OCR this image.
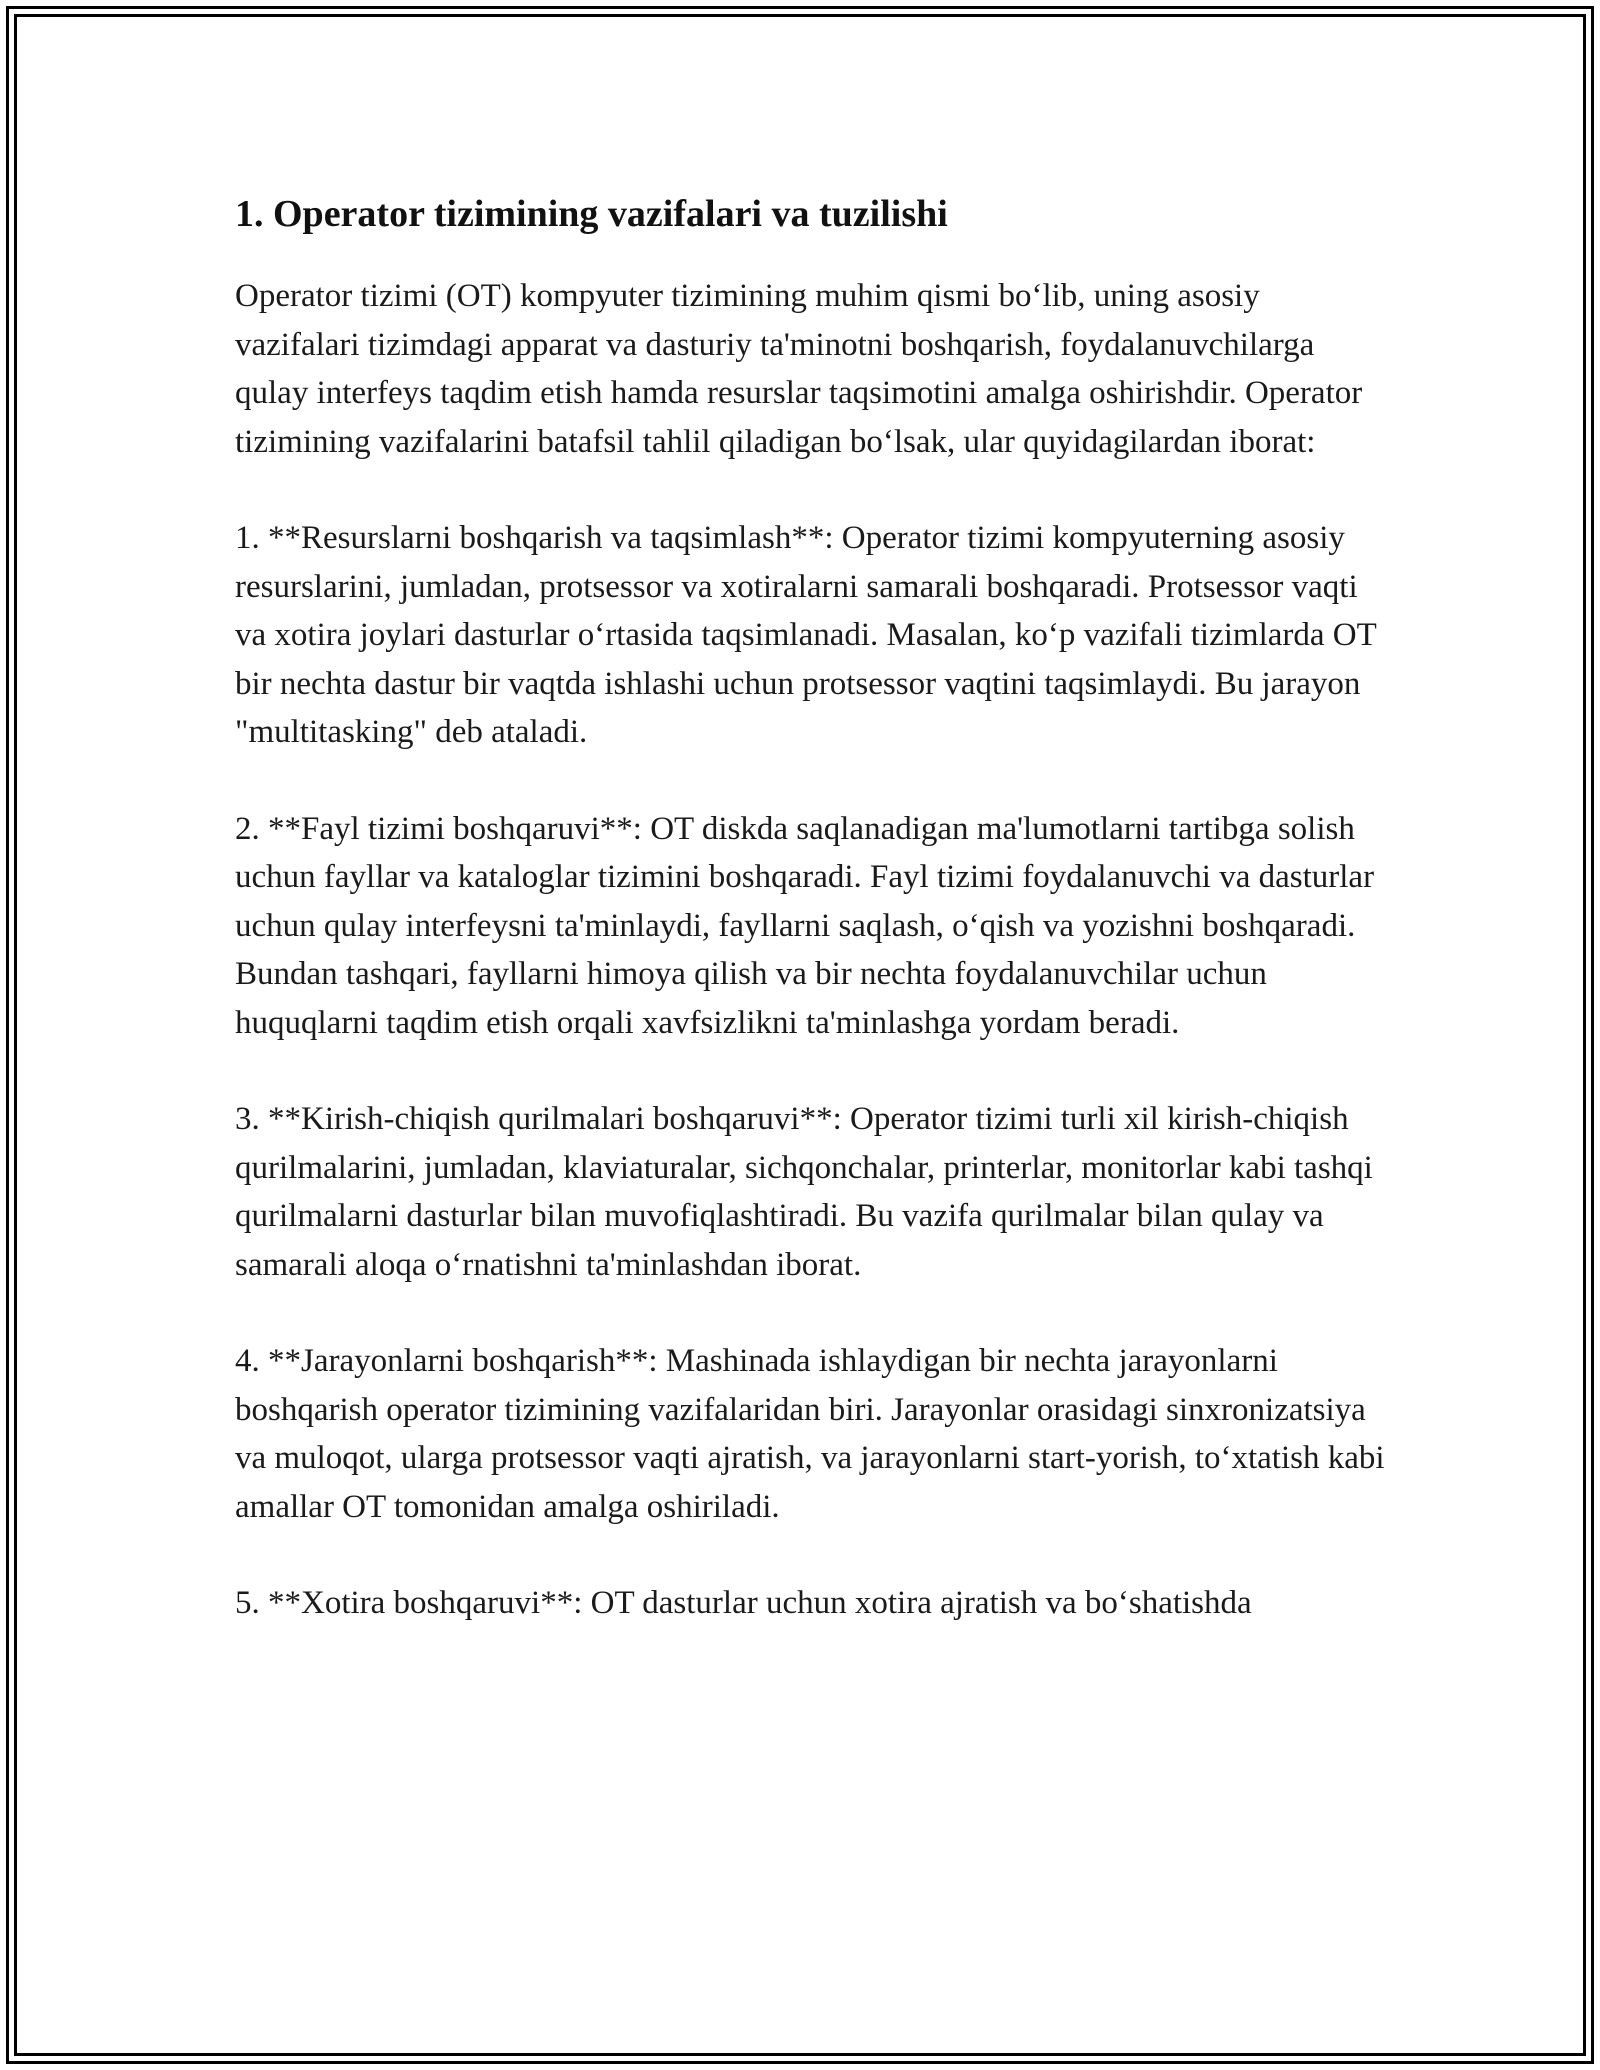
1. Operator tizimining vazifalari va tuzilishi

Operator tizimi (OT) kompyuter tizimining muhim qismi bo‘lib, uning asosiy vazifalari tizimdagi apparat va dasturiy ta'minotni boshqarish, foydalanuvchilarga qulay interfeys taqdim etish hamda resurslar taqsimotini amalga oshirishdir. Operator tizimining vazifalarini batafsil tahlil qiladigan bo‘lsak, ular quyidagilardan iborat:

1. **Resurslarni boshqarish va taqsimlash**: Operator tizimi kompyuterning asosiy resurslarini, jumladan, protsessor va xotiralarni samarali boshqaradi. Protsessor vaqti va xotira joylari dasturlar o‘rtasida taqsimlanadi. Masalan, ko‘p vazifali tizimlarda OT bir nechta dastur bir vaqtda ishlashi uchun protsessor vaqtini taqsimlaydi. Bu jarayon "multitasking" deb ataladi.

2. **Fayl tizimi boshqaruvi**: OT diskda saqlanadigan ma'lumotlarni tartibga solish uchun fayllar va kataloglar tizimini boshqaradi. Fayl tizimi foydalanuvchi va dasturlar uchun qulay interfeysni ta'minlaydi, fayllarni saqlash, o‘qish va yozishni boshqaradi. Bundan tashqari, fayllarni himoya qilish va bir nechta foydalanuvchilar uchun huquqlarni taqdim etish orqali xavfsizlikni ta'minlashga yordam beradi.

3. **Kirish-chiqish qurilmalari boshqaruvi**: Operator tizimi turli xil kirish-chiqish qurilmalarini, jumladan, klaviaturalar, sichqonchalar, printerlar, monitorlar kabi tashqi qurilmalarni dasturlar bilan muvofiqlashtiradi. Bu vazifa qurilmalar bilan qulay va samarali aloqa o‘rnatishni ta'minlashdan iborat.

4. **Jarayonlarni boshqarish**: Mashinada ishlaydigan bir nechta jarayonlarni boshqarish operator tizimining vazifalaridan biri. Jarayonlar orasidagi sinxronizatsiya va muloqot, ularga protsessor vaqti ajratish, va jarayonlarni start-yorish, to‘xtatish kabi amallar OT tomonidan amalga oshiriladi.

5. **Xotira boshqaruvi**: OT dasturlar uchun xotira ajratish va bo‘shatishda
